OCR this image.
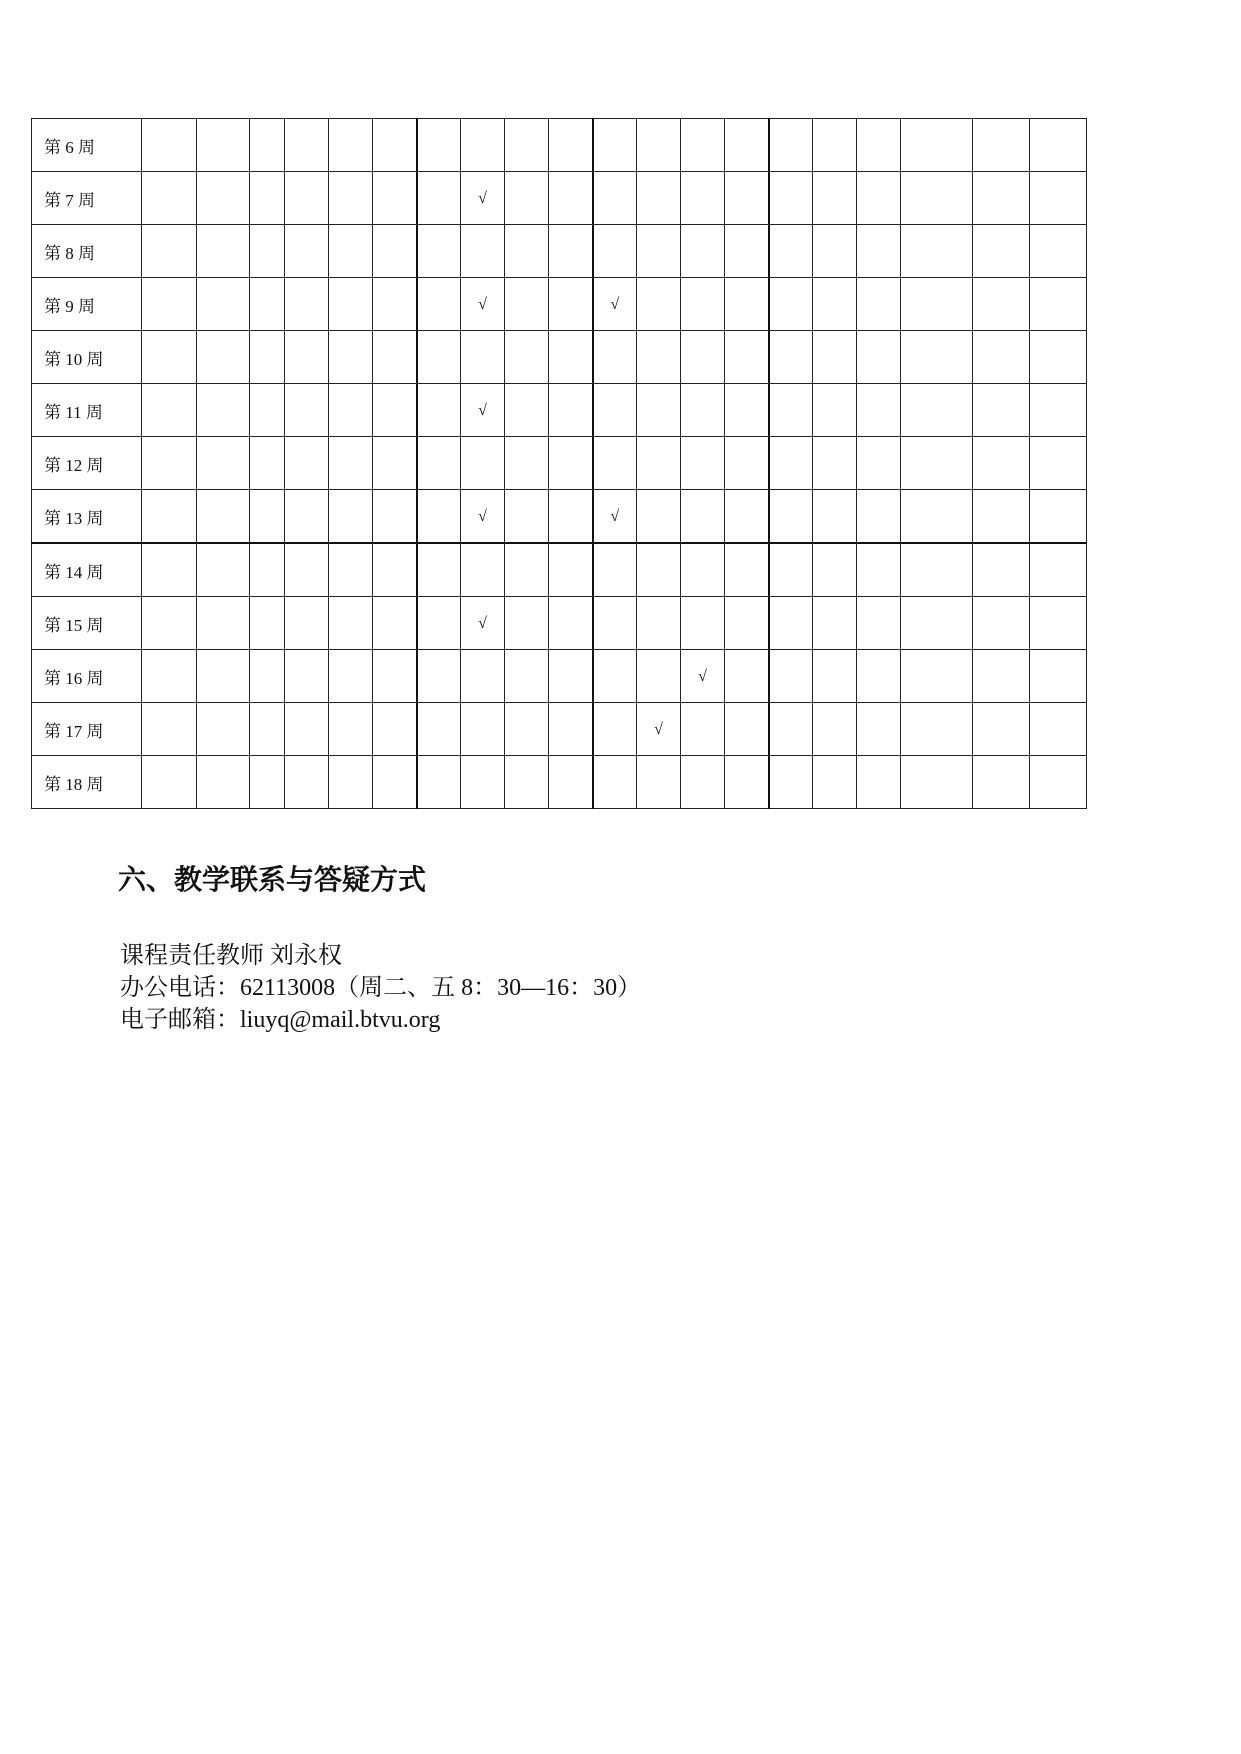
第 6 周																				
第 7 周								√												
第 8 周																				
第 9 周								√			√									
第 10 周																				
第 11 周								√												
第 12 周																				
第 13 周								√			√									
第 14 周																				
第 15 周								√												
第 16 周													√							
第 17 周												√								
第 18 周																				
六、教学联系与答疑方式
课程责任教师 刘永权
办公电话：62113008（周二、五 8：30—16：30）
电子邮箱：liuyq@mail.btvu.org
